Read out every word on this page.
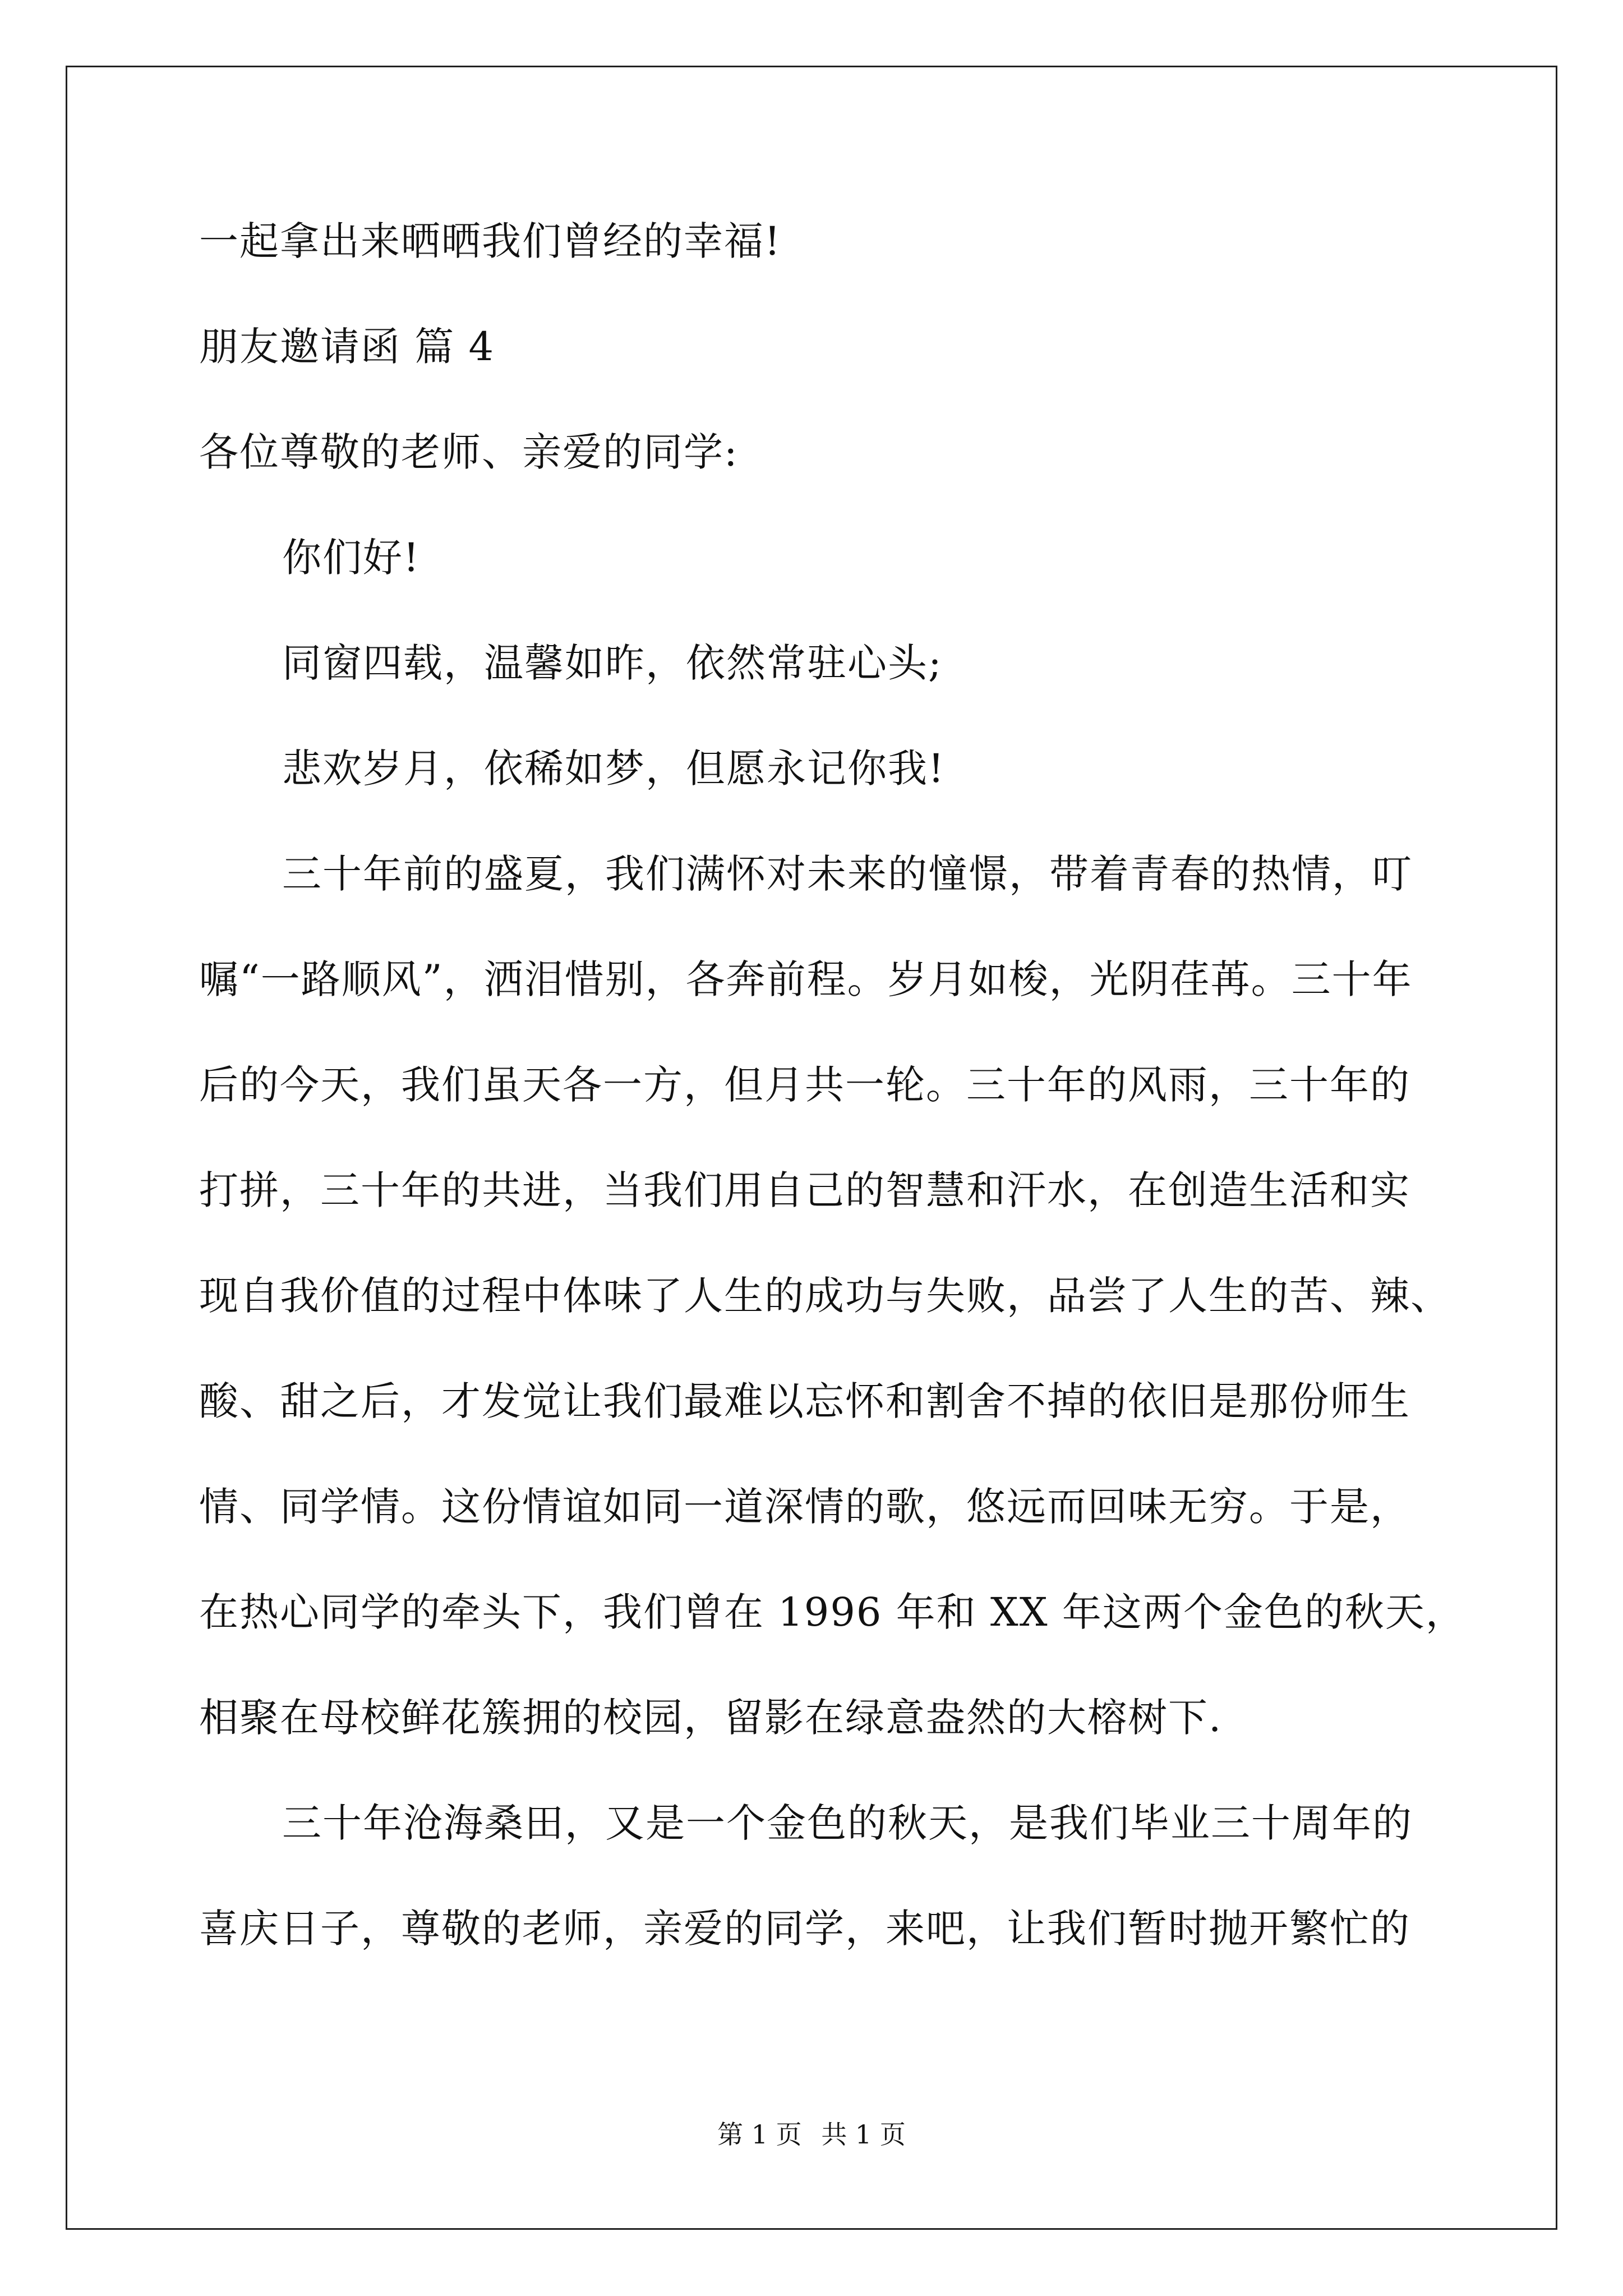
一起拿出来晒晒我们曾经的幸福!
朋友邀请函 篇 4
各位尊敬的老师、亲爱的同学:
你们好!
同窗四载，温馨如昨，依然常驻心头;
悲欢岁月，依稀如梦，但愿永记你我!
三十年前的盛夏，我们满怀对未来的憧憬，带着青春的热情，叮
嘱“一路顺风”，洒泪惜别，各奔前程。岁月如梭，光阴荏苒。三十年
后的今天，我们虽天各一方，但月共一轮。三十年的风雨，三十年的
打拼，三十年的共进，当我们用自己的智慧和汗水，在创造生活和实
现自我价值的过程中体味了人生的成功与失败，品尝了人生的苦、辣、
酸、甜之后，才发觉让我们最难以忘怀和割舍不掉的依旧是那份师生
情、同学情。这份情谊如同一道深情的歌，悠远而回味无穷。于是，
在热心同学的牵头下，我们曾在 1996 年和 XX 年这两个金色的秋天，
相聚在母校鲜花簇拥的校园，留影在绿意盎然的大榕树下.
三十年沧海桑田，又是一个金色的秋天，是我们毕业三十周年的
喜庆日子，尊敬的老师，亲爱的同学，来吧，让我们暂时抛开繁忙的
第 1 页 共 1 页
